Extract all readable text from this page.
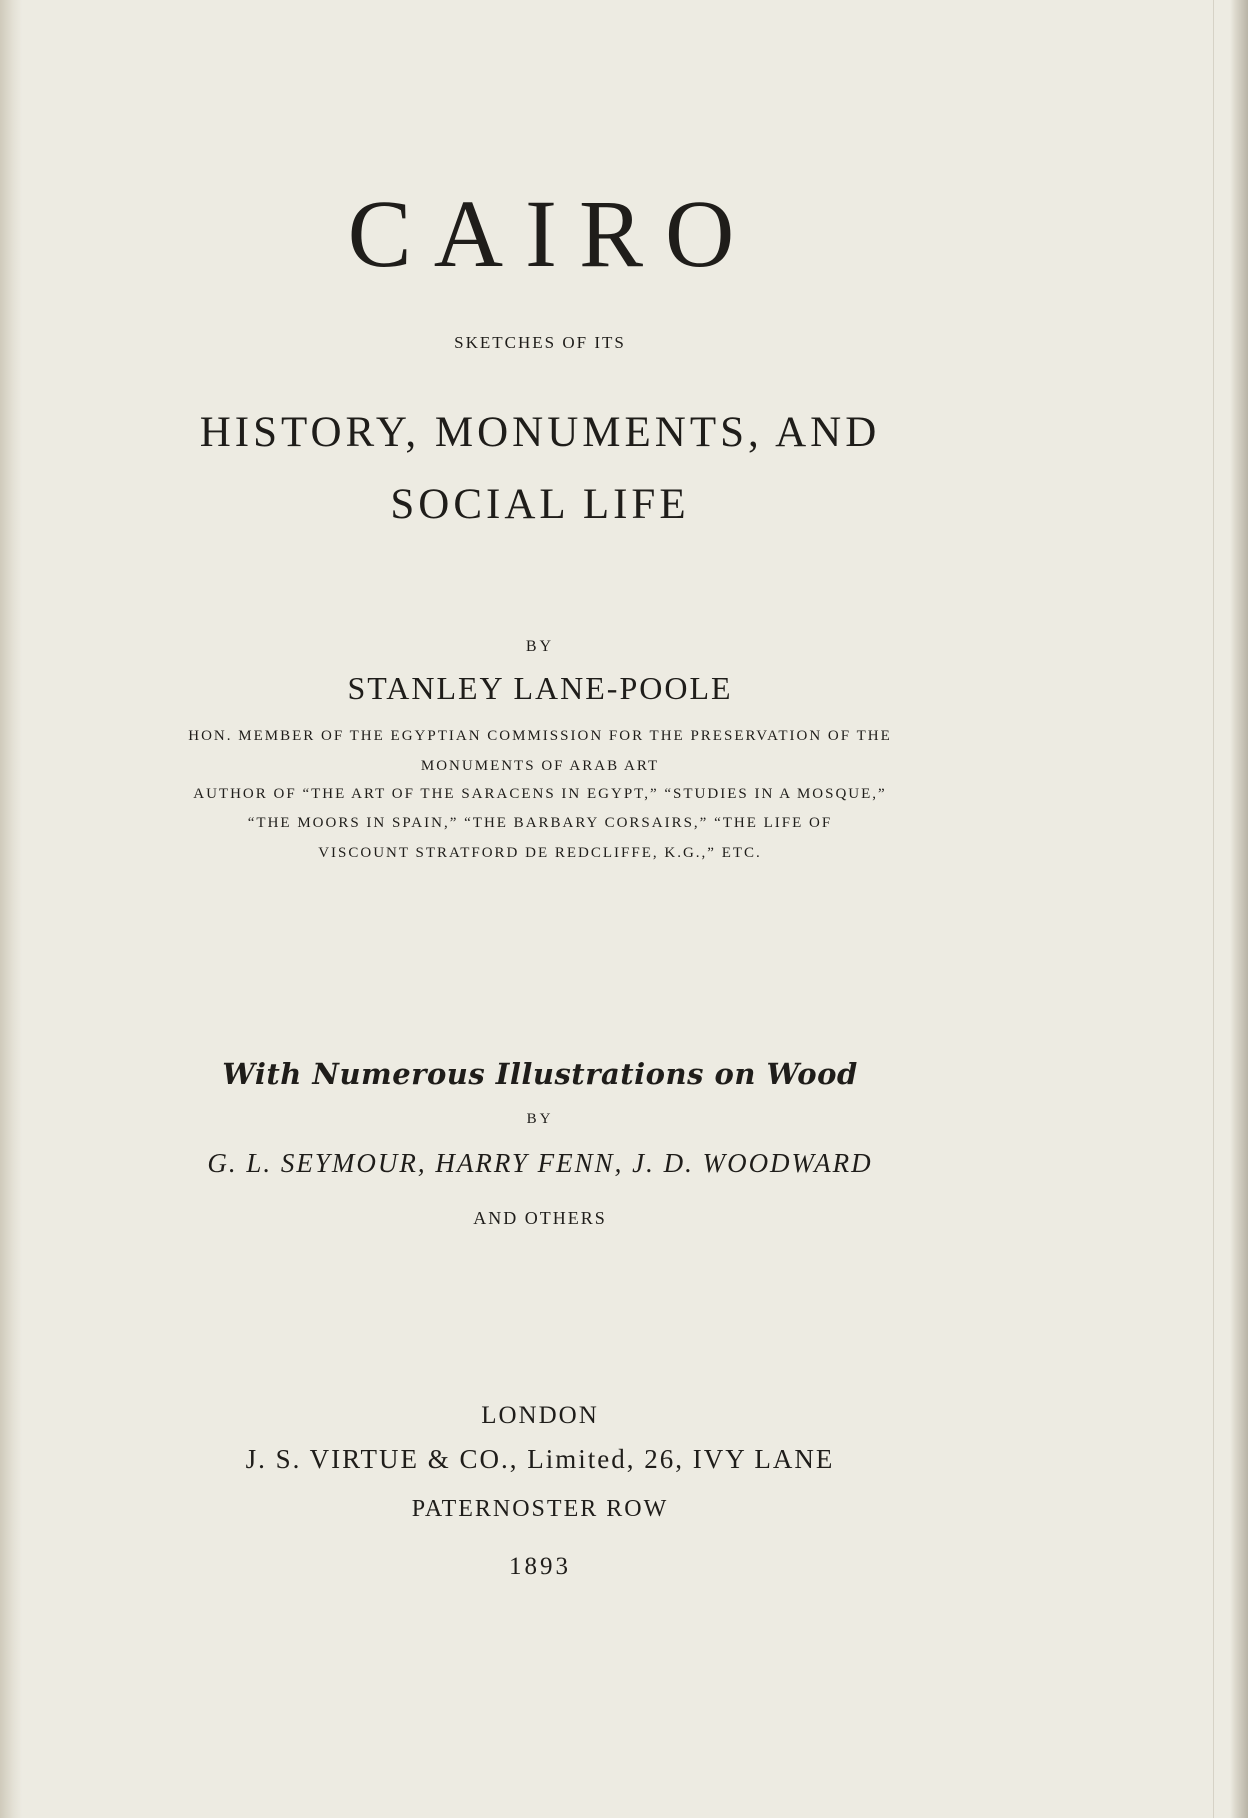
CAIRO
SKETCHES OF ITS
HISTORY, MONUMENTS, AND
SOCIAL LIFE
BY
STANLEY LANE-POOLE
HON. MEMBER OF THE EGYPTIAN COMMISSION FOR THE PRESERVATION OF THE
MONUMENTS OF ARAB ART
AUTHOR OF “THE ART OF THE SARACENS IN EGYPT,” “STUDIES IN A MOSQUE,”
“THE MOORS IN SPAIN,” “THE BARBARY CORSAIRS,” “THE LIFE OF
VISCOUNT STRATFORD DE REDCLIFFE, K.G.,” ETC.
With Numerous Illustrations on Wood
BY
G. L. SEYMOUR, HARRY FENN, J. D. WOODWARD
AND OTHERS
LONDON
J. S. VIRTUE & CO., Limited, 26, IVY LANE
PATERNOSTER ROW
1893
